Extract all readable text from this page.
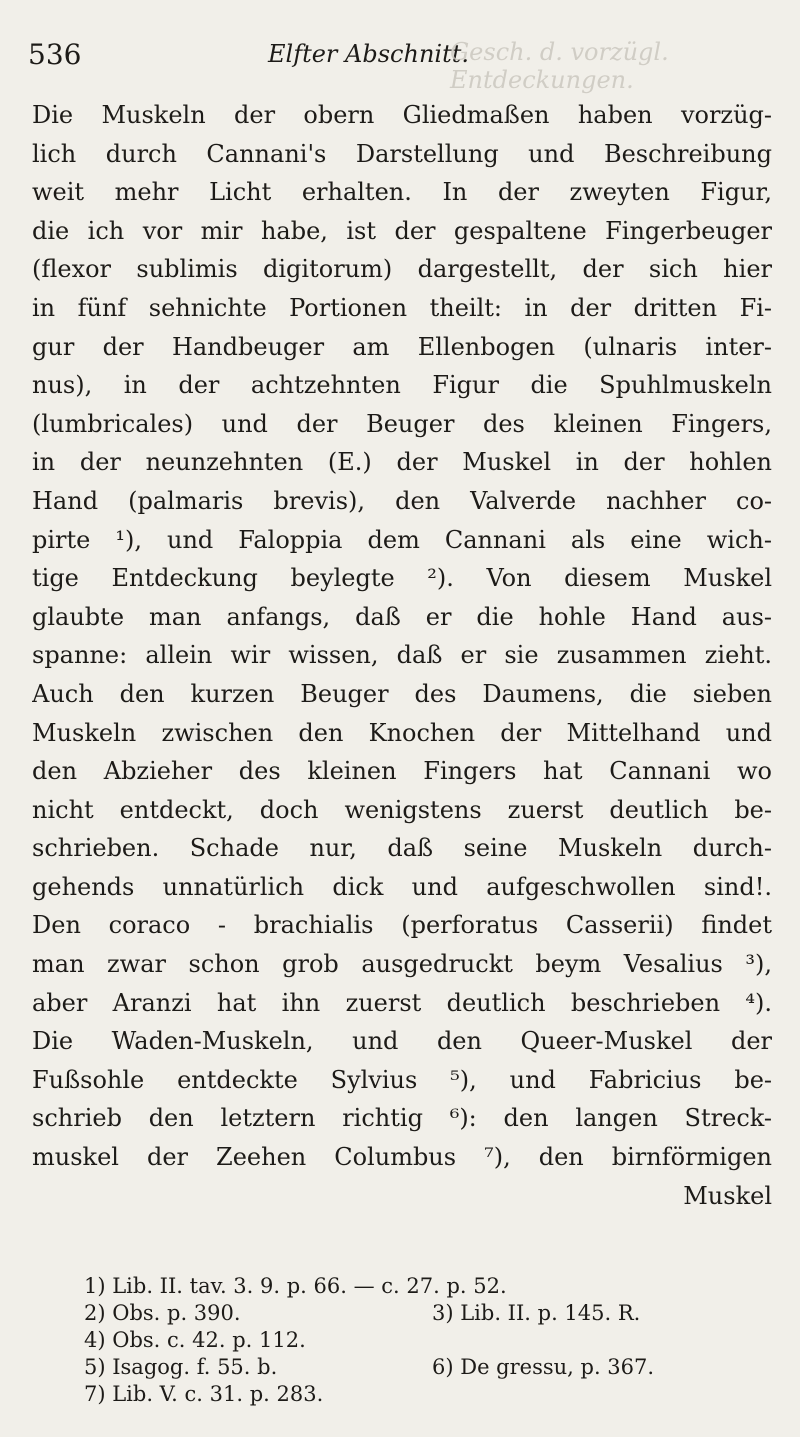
536	Elfter Abschnitt.
Gesch. d. vorzügl. Entdeckungen.
Die Muskeln der obern Gliedmaßen haben vorzüg-
lich durch Cannani's Darstellung und Beschreibung
weit mehr Licht erhalten. In der zweyten Figur,
die ich vor mir habe, ist der gespaltene Fingerbeuger
(flexor sublimis digitorum) dargestellt, der sich hier
in fünf sehnichte Portionen theilt: in der dritten Fi-
gur der Handbeuger am Ellenbogen (ulnaris inter-
nus), in der achtzehnten Figur die Spuhlmuskeln
(lumbricales) und der Beuger des kleinen Fingers,
in der neunzehnten (E.) der Muskel in der hohlen
Hand (palmaris brevis), den Valverde nachher co-
pirte ¹), und Faloppia dem Cannani als eine wich-
tige Entdeckung beylegte ²). Von diesem Muskel
glaubte man anfangs, daß er die hohle Hand aus-
spanne: allein wir wissen, daß er sie zusammen zieht.
Auch den kurzen Beuger des Daumens, die sieben
Muskeln zwischen den Knochen der Mittelhand und
den Abzieher des kleinen Fingers hat Cannani wo
nicht entdeckt, doch wenigstens zuerst deutlich be-
schrieben. Schade nur, daß seine Muskeln durch-
gehends unnatürlich dick und aufgeschwollen sind!.
Den coraco - brachialis (perforatus Casserii) findet
man zwar schon grob ausgedruckt beym Vesalius ³),
aber Aranzi hat ihn zuerst deutlich beschrieben ⁴).
Die Waden-Muskeln, und den Queer-Muskel der
Fußsohle entdeckte Sylvius ⁵), und Fabricius be-
schrieb den letztern richtig ⁶): den langen Streck-
muskel der Zeehen Columbus ⁷), den birnförmigen
Muskel
1) Lib. II. tav. 3. 9. p. 66. — c. 27. p. 52.
2) Obs. p. 390.	3) Lib. II. p. 145. R.
4) Obs. c. 42. p. 112.
5) Isagog. f. 55. b.	6) De gressu, p. 367.
7) Lib. V. c. 31. p. 283.
